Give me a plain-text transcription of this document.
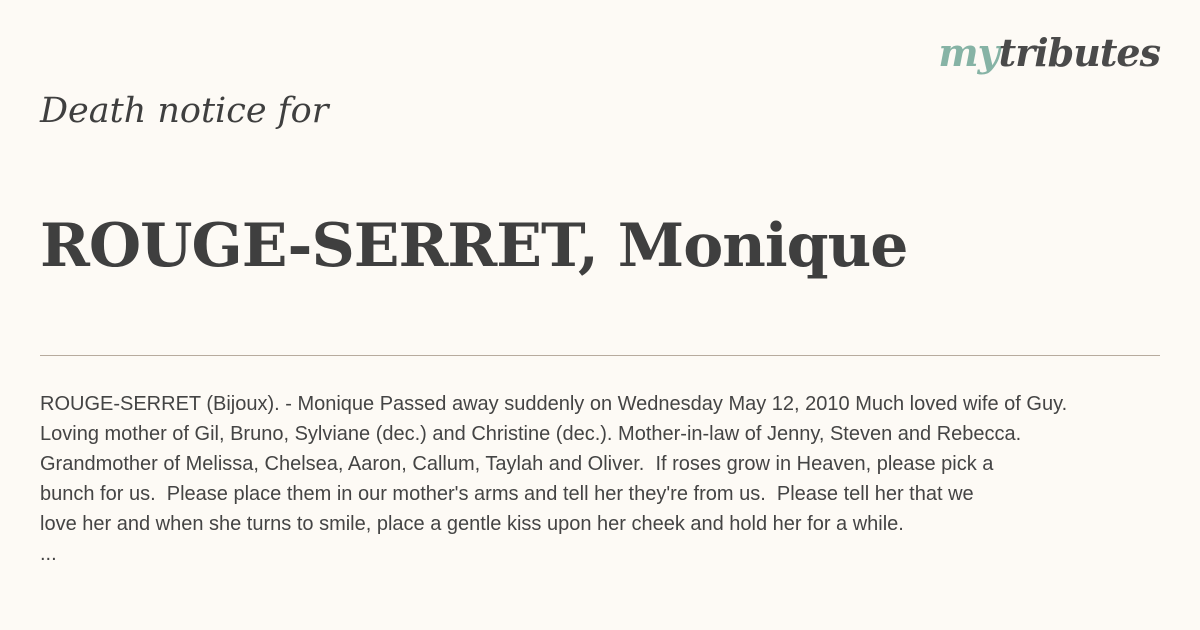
mytributes
Death notice for
ROUGE-SERRET, Monique

ROUGE-SERRET (Bijoux). - Monique Passed away suddenly on Wednesday May 12, 2010 Much loved wife of Guy.

Loving mother of Gil, Bruno, Sylviane (dec.) and Christine (dec.). Mother-in-law of Jenny, Steven and Rebecca.

Grandmother of Melissa, Chelsea, Aaron, Callum, Taylah and Oliver.  If roses grow in Heaven, please pick a

bunch for us.  Please place them in our mother's arms and tell her they're from us.  Please tell her that we

love her and when she turns to smile, place a gentle kiss upon her cheek and hold her for a while.

...
